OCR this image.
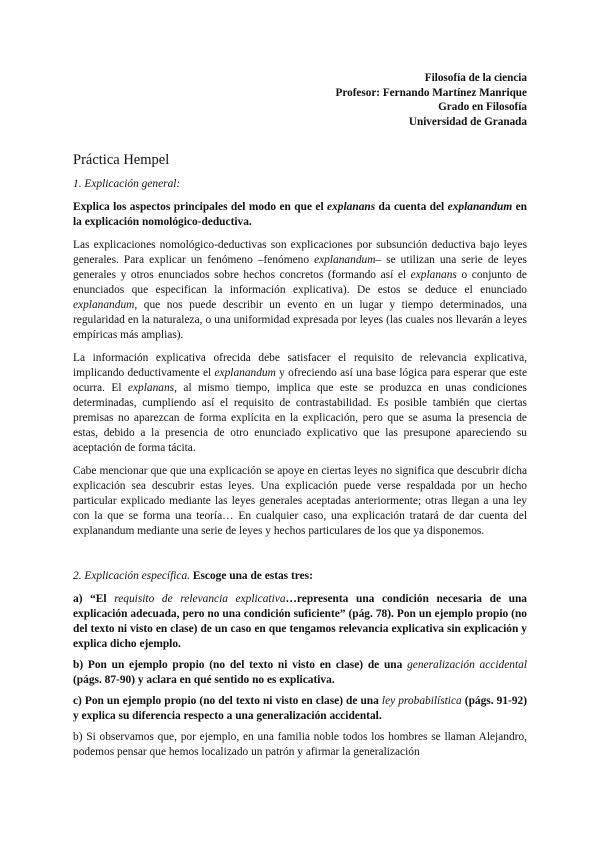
Filosofía de la ciencia
Profesor: Fernando Martínez Manrique
Grado en Filosofía
Universidad de Granada
Práctica Hempel

1. Explicación general:

Explica los aspectos principales del modo en que el explanans da cuenta del explanandum en la explicación nomológico-deductiva.

Las explicaciones nomológico-deductivas son explicaciones por subsunción deductiva bajo leyes generales. Para explicar un fenómeno –fenómeno explanandum– se utilizan una serie de leyes generales y otros enunciados sobre hechos concretos (formando así el explanans o conjunto de enunciados que especifican la información explicativa). De estos se deduce el enunciado explanandum, que nos puede describir un evento en un lugar y tiempo determinados, una regularidad en la naturaleza, o una uniformidad expresada por leyes (las cuales nos llevarán a leyes empíricas más amplias).

La información explicativa ofrecida debe satisfacer el requisito de relevancia explicativa, implicando deductivamente el explanandum y ofreciendo así una base lógica para esperar que este ocurra. El explanans, al mismo tiempo, implica que este se produzca en unas condiciones determinadas, cumpliendo así el requisito de contrastabilidad. Es posible también que ciertas premisas no aparezcan de forma explícita en la explicación, pero que se asuma la presencia de estas, debido a la presencia de otro enunciado explicativo que las presupone apareciendo su aceptación de forma tácita.

Cabe mencionar que que una explicación se apoye en ciertas leyes no significa que descubrir dicha explicación sea descubrir estas leyes. Una explicación puede verse respaldada por un hecho particular explicado mediante las leyes generales aceptadas anteriormente; otras llegan a una ley con la que se forma una teoría… En cualquier caso, una explicación tratará de dar cuenta del explanandum mediante una serie de leyes y hechos particulares de los que ya disponemos.

2. Explicación específica. Escoge una de estas tres:

a) “El requisito de relevancia explicativa…representa una condición necesaria de una explicación adecuada, pero no una condición suficiente” (pág. 78). Pon un ejemplo propio (no del texto ni visto en clase) de un caso en que tengamos relevancia explicativa sin explicación y explica dicho ejemplo.

b) Pon un ejemplo propio (no del texto ni visto en clase) de una generalización accidental (págs. 87-90) y aclara en qué sentido no es explicativa.

c) Pon un ejemplo propio (no del texto ni visto en clase) de una ley probabilística (págs. 91-92) y explica su diferencia respecto a una generalización accidental.

b) Si observamos que, por ejemplo, en una familia noble todos los hombres se llaman Alejandro, podemos pensar que hemos localizado un patrón y afirmar la generalización
